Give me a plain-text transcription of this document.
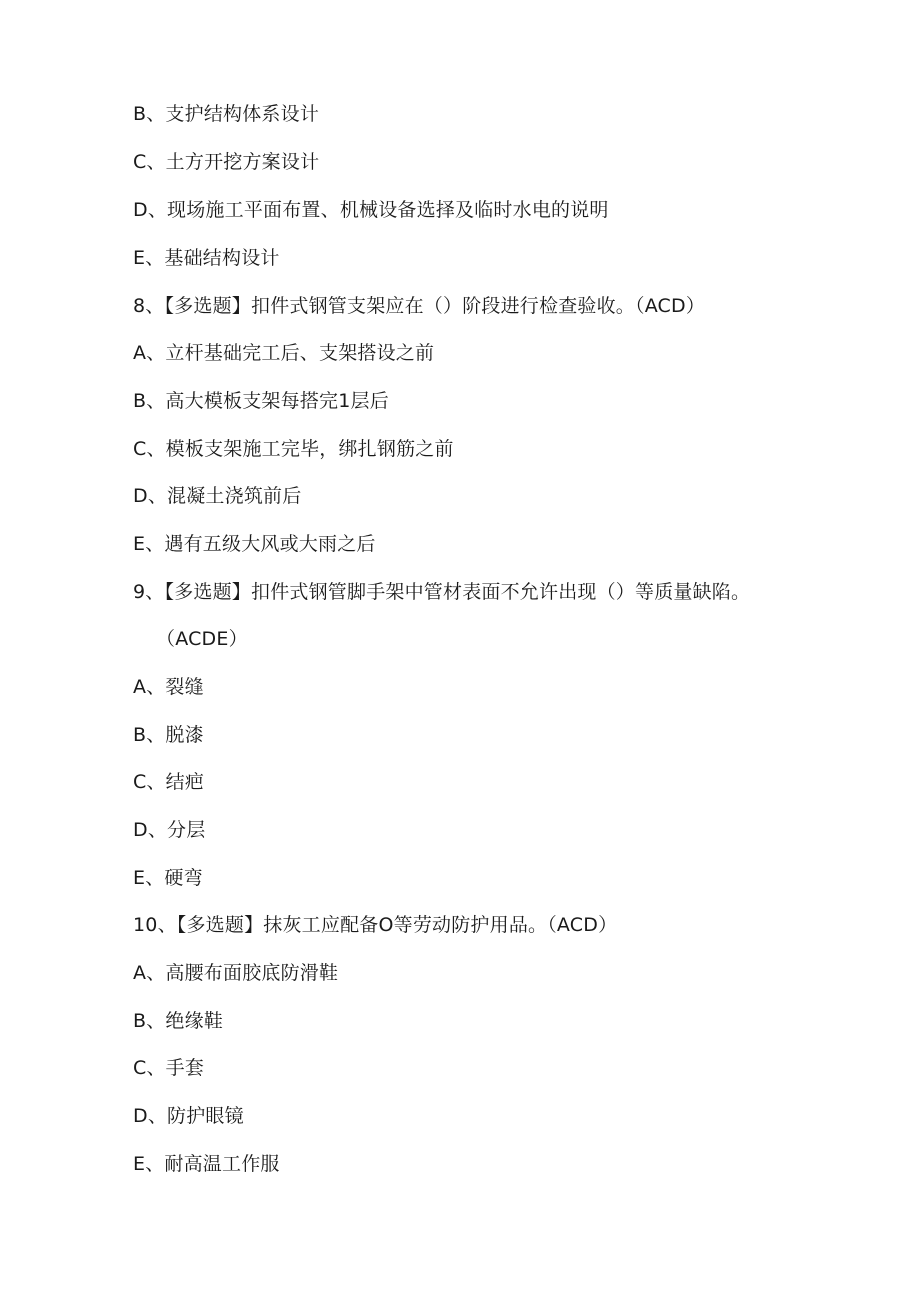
B、支护结构体系设计
C、土方开挖方案设计
D、现场施工平面布置、机械设备选择及临时水电的说明
E、基础结构设计
8、【多选题】扣件式钢管支架应在（）阶段进行检查验收。（ACD）
A、立杆基础完工后、支架搭设之前
B、高大模板支架每搭完1层后
C、模板支架施工完毕，绑扎钢筋之前
D、混凝土浇筑前后
E、遇有五级大风或大雨之后
9、【多选题】扣件式钢管脚手架中管材表面不允许出现（）等质量缺陷。
（ACDE）
A、裂缝
B、脱漆
C、结疤
D、分层
E、硬弯
10、【多选题】抹灰工应配备O等劳动防护用品。（ACD）
A、高腰布面胶底防滑鞋
B、绝缘鞋
C、手套
D、防护眼镜
E、耐高温工作服
